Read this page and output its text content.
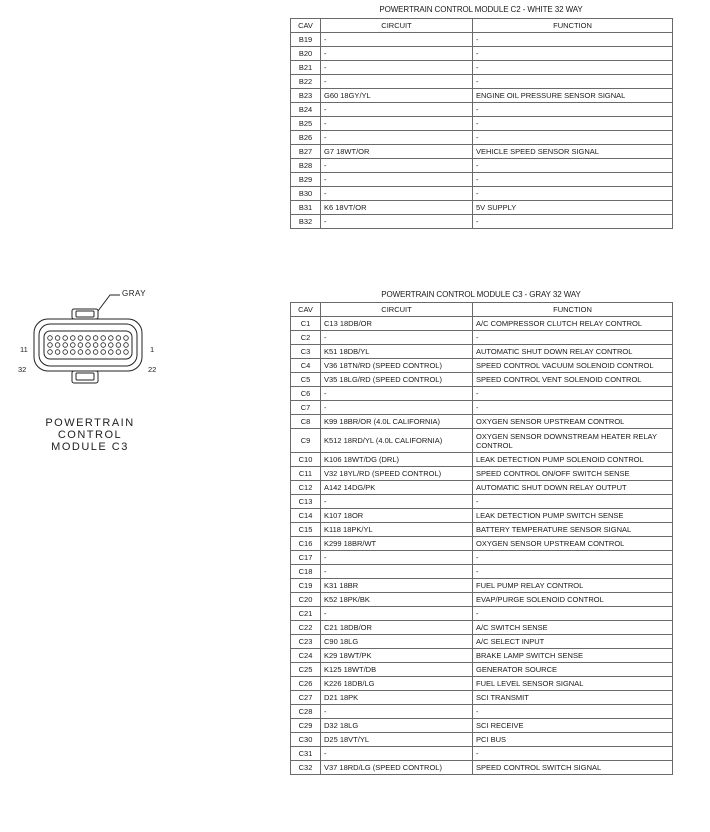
POWERTRAIN CONTROL MODULE C2 - WHITE 32 WAY
CAV	CIRCUIT	FUNCTION
B19	-	-
B20	-	-
B21	-	-
B22	-	-
B23	G60 18GY/YL	ENGINE OIL PRESSURE SENSOR SIGNAL
B24	-	-
B25	-	-
B26	-	-
B27	G7 18WT/OR	VEHICLE SPEED SENSOR SIGNAL
B28	-	-
B29	-	-
B30	-	-
B31	K6 18VT/OR	5V SUPPLY
B32	-	-
POWERTRAIN CONTROL MODULE C3 - GRAY 32 WAY
CAV	CIRCUIT	FUNCTION
C1	C13 18DB/OR	A/C COMPRESSOR CLUTCH RELAY CONTROL
C2	-	-
C3	K51 18DB/YL	AUTOMATIC SHUT DOWN RELAY CONTROL
C4	V36 18TN/RD (SPEED CONTROL)	SPEED CONTROL VACUUM SOLENOID CONTROL
C5	V35 18LG/RD (SPEED CONTROL)	SPEED CONTROL VENT SOLENOID CONTROL
C6	-	-
C7	-	-
C8	K99 18BR/OR (4.0L CALIFORNIA)	OXYGEN SENSOR UPSTREAM CONTROL
C9	K512 18RD/YL (4.0L CALIFORNIA)	OXYGEN SENSOR DOWNSTREAM HEATER RELAY CONTROL
C10	K106 18WT/DG (DRL)	LEAK DETECTION PUMP SOLENOID CONTROL
C11	V32 18YL/RD (SPEED CONTROL)	SPEED CONTROL ON/OFF SWITCH SENSE
C12	A142 14DG/PK	AUTOMATIC SHUT DOWN RELAY OUTPUT
C13	-	-
C14	K107 18OR	LEAK DETECTION PUMP SWITCH SENSE
C15	K118 18PK/YL	BATTERY TEMPERATURE SENSOR SIGNAL
C16	K299 18BR/WT	OXYGEN SENSOR UPSTREAM CONTROL
C17	-	-
C18	-	-
C19	K31 18BR	FUEL PUMP RELAY CONTROL
C20	K52 18PK/BK	EVAP/PURGE SOLENOID CONTROL
C21	-	-
C22	C21 18DB/OR	A/C SWITCH SENSE
C23	C90 18LG	A/C SELECT INPUT
C24	K29 18WT/PK	BRAKE LAMP SWITCH SENSE
C25	K125 18WT/DB	GENERATOR SOURCE
C26	K226 18DB/LG	FUEL LEVEL SENSOR SIGNAL
C27	D21 18PK	SCI TRANSMIT
C28	-	-
C29	D32 18LG	SCI RECEIVE
C30	D25 18VT/YL	PCI BUS
C31	-	-
C32	V37 18RD/LG (SPEED CONTROL)	SPEED CONTROL SWITCH SIGNAL
GRAY
11	1
32	22
POWERTRAIN
CONTROL
MODULE C3
